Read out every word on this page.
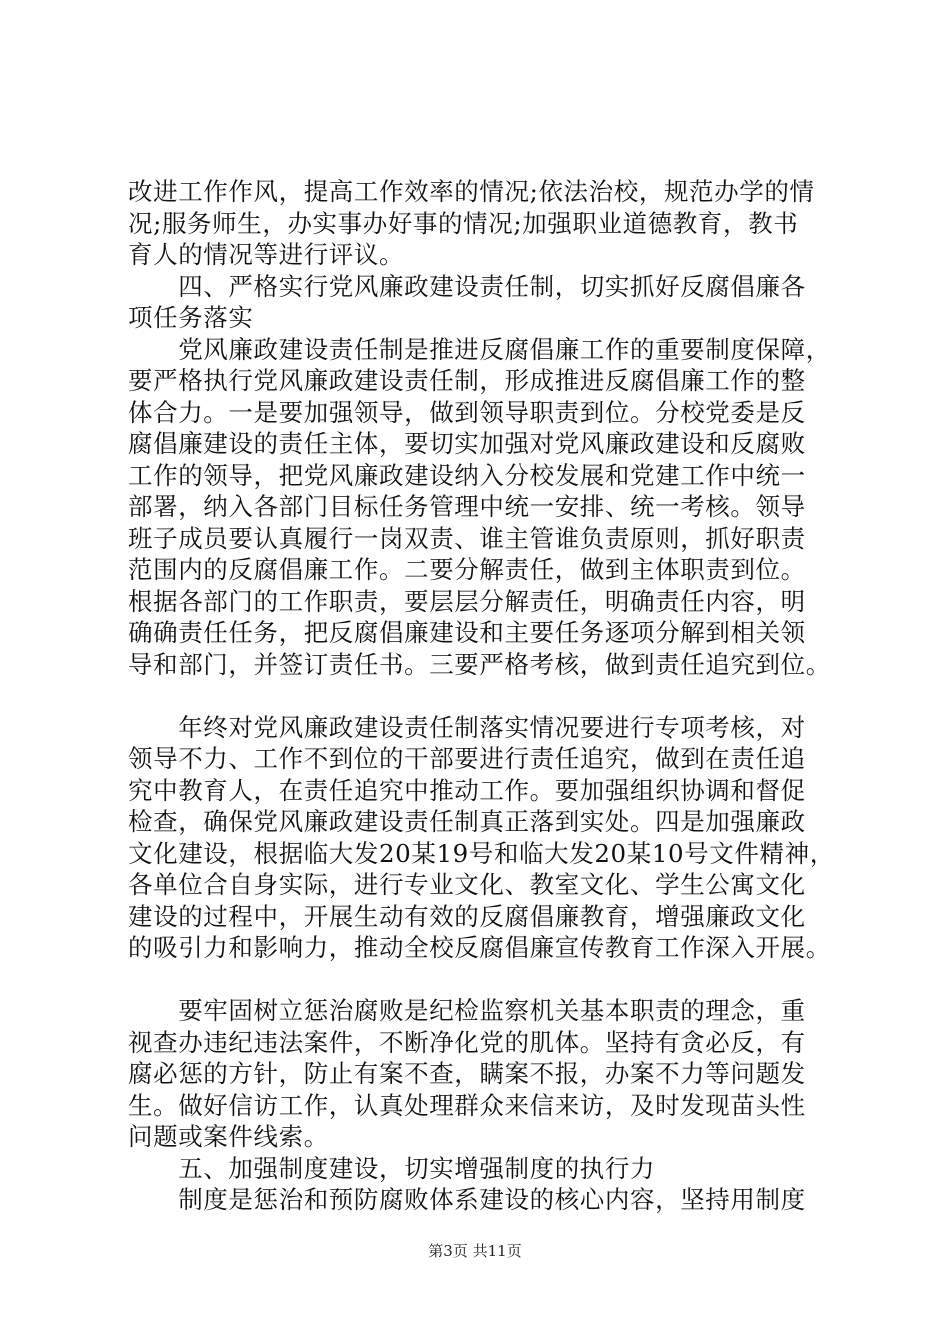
改进工作作风，提高工作效率的情况;依法治校，规范办学的情
况;服务师生，办实事办好事的情况;加强职业道德教育，教书
育人的情况等进行评议。
　　四、严格实行党风廉政建设责任制，切实抓好反腐倡廉各
项任务落实
　　党风廉政建设责任制是推进反腐倡廉工作的重要制度保障，
要严格执行党风廉政建设责任制，形成推进反腐倡廉工作的整
体合力。一是要加强领导，做到领导职责到位。分校党委是反
腐倡廉建设的责任主体，要切实加强对党风廉政建设和反腐败
工作的领导，把党风廉政建设纳入分校发展和党建工作中统一
部署，纳入各部门目标任务管理中统一安排、统一考核。领导
班子成员要认真履行一岗双责、谁主管谁负责原则，抓好职责
范围内的反腐倡廉工作。二要分解责任，做到主体职责到位。
根据各部门的工作职责，要层层分解责任，明确责任内容，明
确确责任任务，把反腐倡廉建设和主要任务逐项分解到相关领
导和部门，并签订责任书。三要严格考核，做到责任追究到位。
　　年终对党风廉政建设责任制落实情况要进行专项考核，对
领导不力、工作不到位的干部要进行责任追究，做到在责任追
究中教育人，在责任追究中推动工作。要加强组织协调和督促
检查，确保党风廉政建设责任制真正落到实处。四是加强廉政
文化建设，根据临大发20某19号和临大发20某10号文件精神，
各单位合自身实际，进行专业文化、教室文化、学生公寓文化
建设的过程中，开展生动有效的反腐倡廉教育，增强廉政文化
的吸引力和影响力，推动全校反腐倡廉宣传教育工作深入开展。
　　要牢固树立惩治腐败是纪检监察机关基本职责的理念，重
视查办违纪违法案件，不断净化党的肌体。坚持有贪必反，有
腐必惩的方针，防止有案不查，瞒案不报，办案不力等问题发
生。做好信访工作，认真处理群众来信来访，及时发现苗头性
问题或案件线索。
　　五、加强制度建设，切实增强制度的执行力
　　制度是惩治和预防腐败体系建设的核心内容，坚持用制度
第3页 共11页
